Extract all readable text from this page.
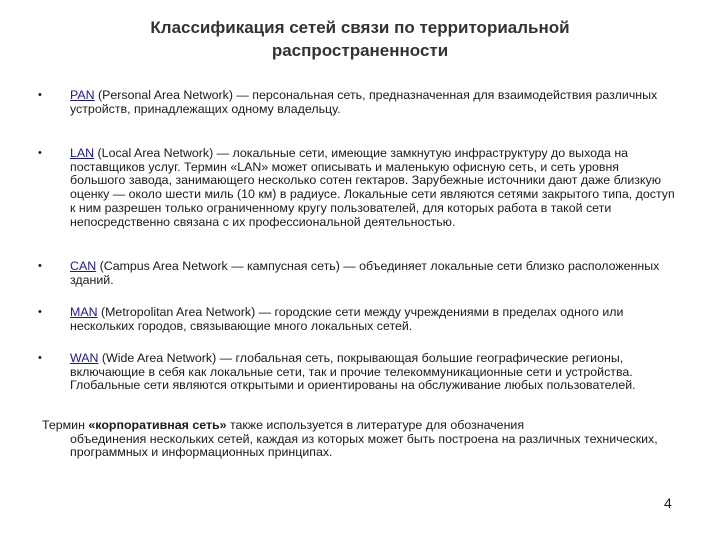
Классификация сетей связи по территориальной
распространенности
• PAN (Personal Area Network) — персональная сеть, предназначенная для взаимодействия различных устройств, принадлежащих одному владельцу.
• LAN (Local Area Network) — локальные сети, имеющие замкнутую инфраструктуру до выхода на поставщиков услуг. Термин «LAN» может описывать и маленькую офисную сеть, и сеть уровня большого завода, занимающего несколько сотен гектаров. Зарубежные источники дают даже близкую оценку — около шести миль (10 км) в радиусе. Локальные сети являются сетями закрытого типа, доступ к ним разрешен только ограниченному кругу пользователей, для которых работа в такой сети непосредственно связана с их профессиональной деятельностью.
• CAN (Campus Area Network — кампусная сеть) — объединяет локальные сети близко расположенных зданий.
• MAN (Metropolitan Area Network) — городские сети между учреждениями в пределах одного или нескольких городов, связывающие много локальных сетей.
• WAN (Wide Area Network) — глобальная сеть, покрывающая большие географические регионы, включающие в себя как локальные сети, так и прочие телекоммуникационные сети и устройства. Глобальные сети являются открытыми и ориентированы на обслуживание любых пользователей.
Термин «корпоративная сеть» также используется в литературе для обозначения
объединения нескольких сетей, каждая из которых может быть построена на различных технических, программных и информационных принципах.
4
